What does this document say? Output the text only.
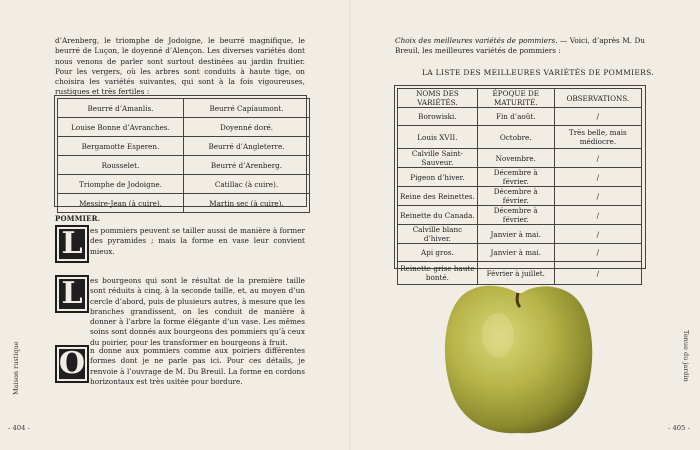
d’Arenberg, le triomphe de Jodoigne, le beurré magnifique, le beurré de Luçon, le doyenné d’Alençon. Les diverses variétés dont nous venons de parler sont surtout destinées au jardin fruitier. Pour les vergers, où les arbres sont conduits à haute tige, on choisira les variétés suivantes, qui sont à la fois vigoureuses, rustiques et très fertiles :
Beurré d’Amanlis.	Beurré Capiaumont.
Louise Bonne d’Avranches.	Doyenné doré.
Bergamotte Esperen.	Beurré d’Angleterre.
Rousselet.	Beurré d’Arenberg.
Triomphe de Jodoigne.	Catillac (à cuire).
Messire-Jean (à cuire).	Martin sec (à cuire).
POMMIER.
L	es pommiers peuvent se tailler aussi de manière à former des pyramides ; mais la forme en vase leur convient mieux.
L	es bourgeons qui sont le résultat de la première taille sont réduits à cinq, à la seconde taille, et, au moyen d’un cercle d’abord, puis de plusieurs autres, à mesure que les branches grandissent, on les conduit de manière à donner à l’arbre la forme élégante d’un vase. Les mêmes soins sont donnés aux bourgeons des pommiers qu’à ceux du poirier, pour les transformer en bourgeons à fruit.
O n donne aux pommiers comme aux poiriers différentes formes dont je ne parle pas ici. Pour ces détails, je renvoie à l’ouvrage de M. Du Breuil. La forme en cordons horizontaux est très usitée pour bordure.
Maison rustique
- 404 -
Choix des meilleures variétés de pommiers. — Voici, d’après M. Du Breuil, les meilleures variétés de pommiers :
LA LISTE DES MEILLEURES VARIÉTÉS DE POMMIERS.
NOMS DES VARIÉTÉS.	ÉPOQUE DE MATURITÉ.	OBSERVATIONS.
Borowiski.	Fin d’août.	/
Louis XVII.	Octobre.	Très belle, mais médiocre.
Calville Saint-Sauveur.	Novembre.	/
Pigeon d’hiver.	Décembre à février.	/
Reine des Reinettes.	Décembre à février.	/
Reinette du Canada.	Décembre à février.	/
Calville blanc d’hiver.	Janvier à mai.	/
Api gros.	Janvier à mai.	/
Reinette grise haute bonté.	Février à juillet.	/
Tenue du jardin
- 405 -
